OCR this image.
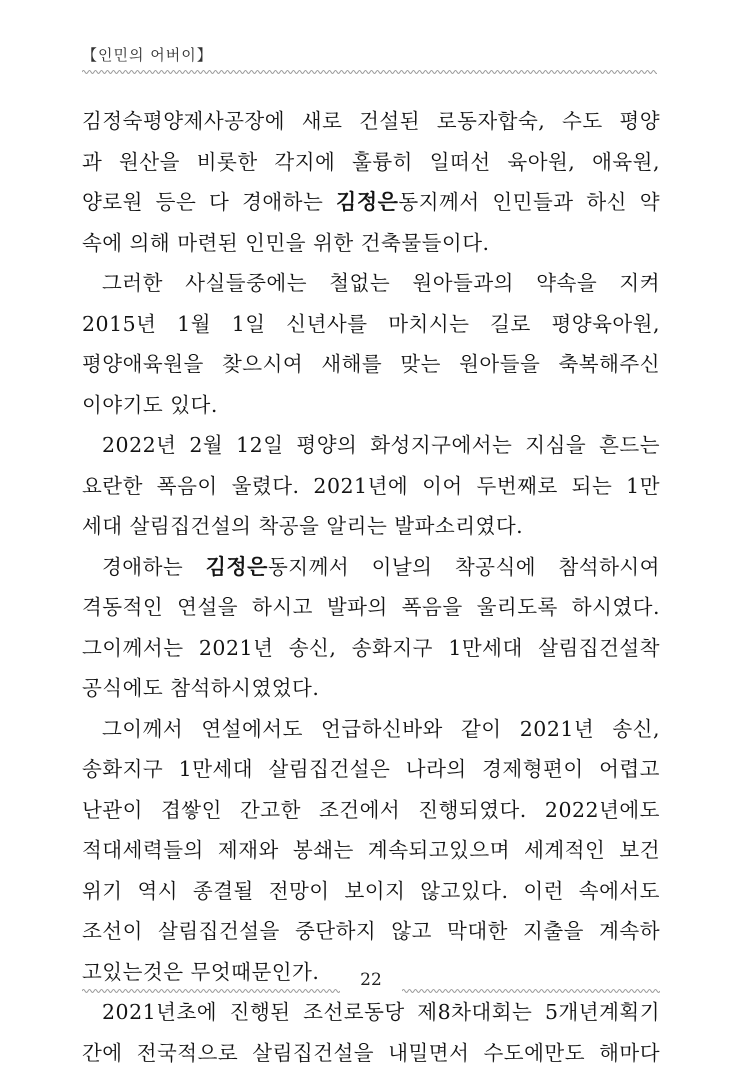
【인민의 어버이】
김정숙평양제사공장에 새로 건설된 로동자합숙, 수도 평양
과 원산을 비롯한 각지에 훌륭히 일떠선 육아원, 애육원,
양로원 등은 다 경애하는 김정은동지께서 인민들과 하신 약
속에 의해 마련된 인민을 위한 건축물들이다.
그러한 사실들중에는 철없는 원아들과의 약속을 지켜
2015년 1월 1일 신년사를 마치시는 길로 평양육아원,
평양애육원을 찾으시여 새해를 맞는 원아들을 축복해주신
이야기도 있다.
2022년 2월 12일 평양의 화성지구에서는 지심을 흔드는
요란한 폭음이 울렸다. 2021년에 이어 두번째로 되는 1만
세대 살림집건설의 착공을 알리는 발파소리였다.
경애하는 김정은동지께서 이날의 착공식에 참석하시여
격동적인 연설을 하시고 발파의 폭음을 울리도록 하시였다.
그이께서는 2021년 송신, 송화지구 1만세대 살림집건설착
공식에도 참석하시였었다.
그이께서 연설에서도 언급하신바와 같이 2021년 송신,
송화지구 1만세대 살림집건설은 나라의 경제형편이 어렵고
난관이 겹쌓인 간고한 조건에서 진행되였다. 2022년에도
적대세력들의 제재와 봉쇄는 계속되고있으며 세계적인 보건
위기 역시 종결될 전망이 보이지 않고있다. 이런 속에서도
조선이 살림집건설을 중단하지 않고 막대한 지출을 계속하
고있는것은 무엇때문인가.
2021년초에 진행된 조선로동당 제8차대회는 5개년계획기
간에 전국적으로 살림집건설을 내밀면서 수도에만도 해마다
22
